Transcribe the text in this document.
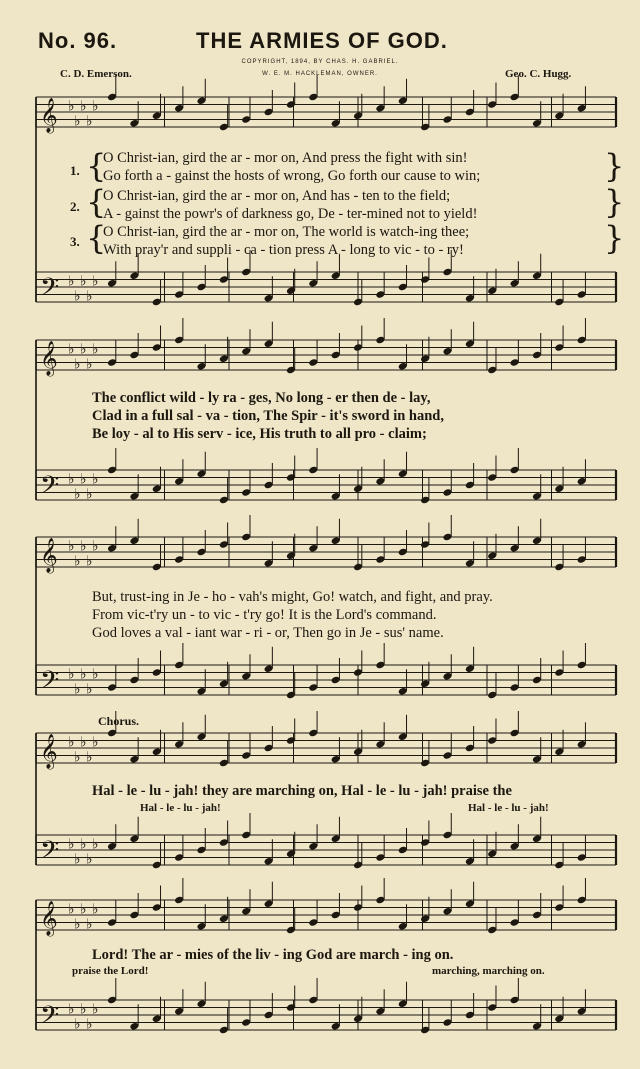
No. 96.	THE ARMIES OF GOD.
COPYRIGHT, 1894, BY CHAS. H. GABRIEL.
W. E. M. HACKLEMAN, OWNER.
C. D. Emerson.	Geo. C. Hugg.
𝄞 ♭
♭
♭
♭
♭
𝄢 ♭
♭
♭
♭
♭
𝄞 ♭
♭
♭
♭
♭
𝄢 ♭
♭
♭
♭
♭
𝄞 ♭
♭
♭
♭
♭
𝄢 ♭
♭
♭
♭
♭
𝄞 ♭
♭
♭
♭
♭
𝄢 ♭
♭
♭
♭
♭
𝄞 ♭
♭
♭
♭
♭
𝄢 ♭
♭
♭
♭
♭
1.
2.
3.
{
{
{
}
}
}
O Christ-ian, gird the ar - mor on, And press the fight with sin!
Go forth a - gainst the hosts of wrong, Go forth our cause to win;
O Christ-ian, gird the ar - mor on, And has - ten to the field;
A - gainst the powr's of darkness go, De - ter-mined not to yield!
O Christ-ian, gird the ar - mor on, The world is watch-ing thee;
With pray'r and suppli - ca - tion press A - long to vic - to - ry!
The conflict wild - ly ra - ges, No long - er then de - lay,
Clad in a full sal - va - tion, The Spir - it's sword in hand,
Be loy - al to His serv - ice, His truth to all pro - claim;
But, trust-ing in Je - ho - vah's might, Go! watch, and fight, and pray.
From vic-t'ry un - to vic - t'ry go! It is the Lord's command.
God loves a val - iant war - ri - or, Then go in Je - sus' name.
Hal - le - lu - jah! they are marching on, Hal - le - lu - jah! praise the
Hal - le - lu - jah!	Hal - le - lu - jah!
Lord! The ar - mies of the liv - ing God are march - ing on.
praise the Lord!	marching, marching on.
Chorus.
